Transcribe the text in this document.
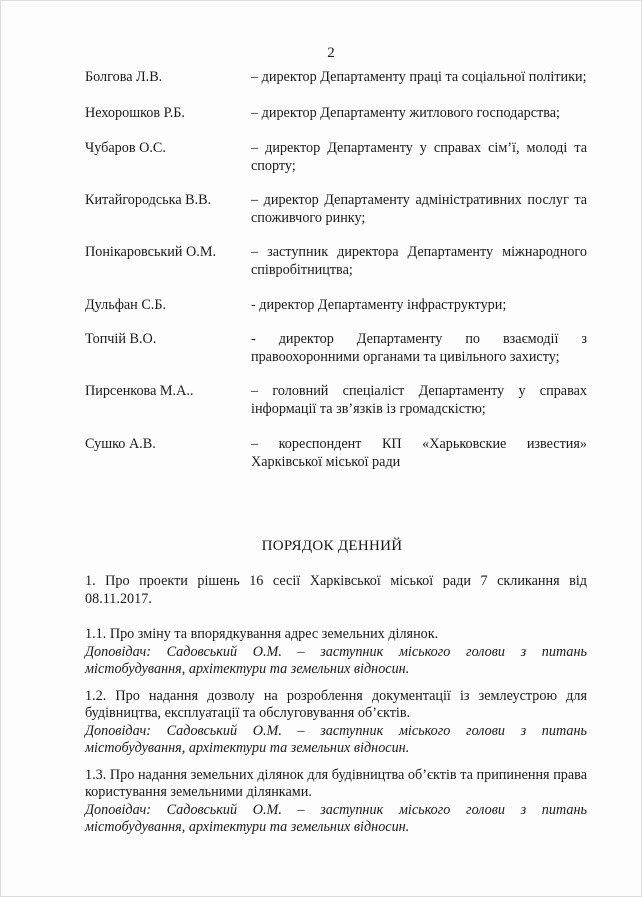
2
Болгова Л.В.	– директор Департаменту праці та соціальної політики;
Нехорошков Р.Б.	– директор Департаменту житлового господарства;
Чубаров О.С.	– директор Департаменту у справах сім’ї, молоді та спорту;
Китайгородська В.В.	– директор Департаменту адміністративних послуг та споживчого ринку;
Понікаровський О.М.	– заступник директора Департаменту міжнародного співробітництва;
Дульфан С.Б.	- директор Департаменту інфраструктури;
Топчій В.О.	- директор Департаменту по взаємодії з правоохоронними органами та цивільного захисту;
Пирсенкова М.А..	– головний спеціаліст Департаменту у справах інформації та зв’язків із громадскістю;
Сушко А.В.	– кореспондент КП «Харьковские известия» Харківської міської ради
ПОРЯДОК ДЕННИЙ

1. Про проекти рішень 16 сесії Харківської міської ради 7 скликання від 08.11.2017.

1.1. Про зміну та впорядкування адрес земельних ділянок.

Доповідач: Садовський О.М. – заступник міського голови з питань містобудування, архітектури та земельних відносин.

1.2. Про надання дозволу на розроблення документації із землеустрою для будівництва, експлуатації та обслуговування об’єктів.

Доповідач: Садовський О.М. – заступник міського голови з питань містобудування, архітектури та земельних відносин.

1.3. Про надання земельних ділянок для будівництва об’єктів та припинення права користування земельними ділянками.

Доповідач: Садовський О.М. – заступник міського голови з питань містобудування, архітектури та земельних відносин.
